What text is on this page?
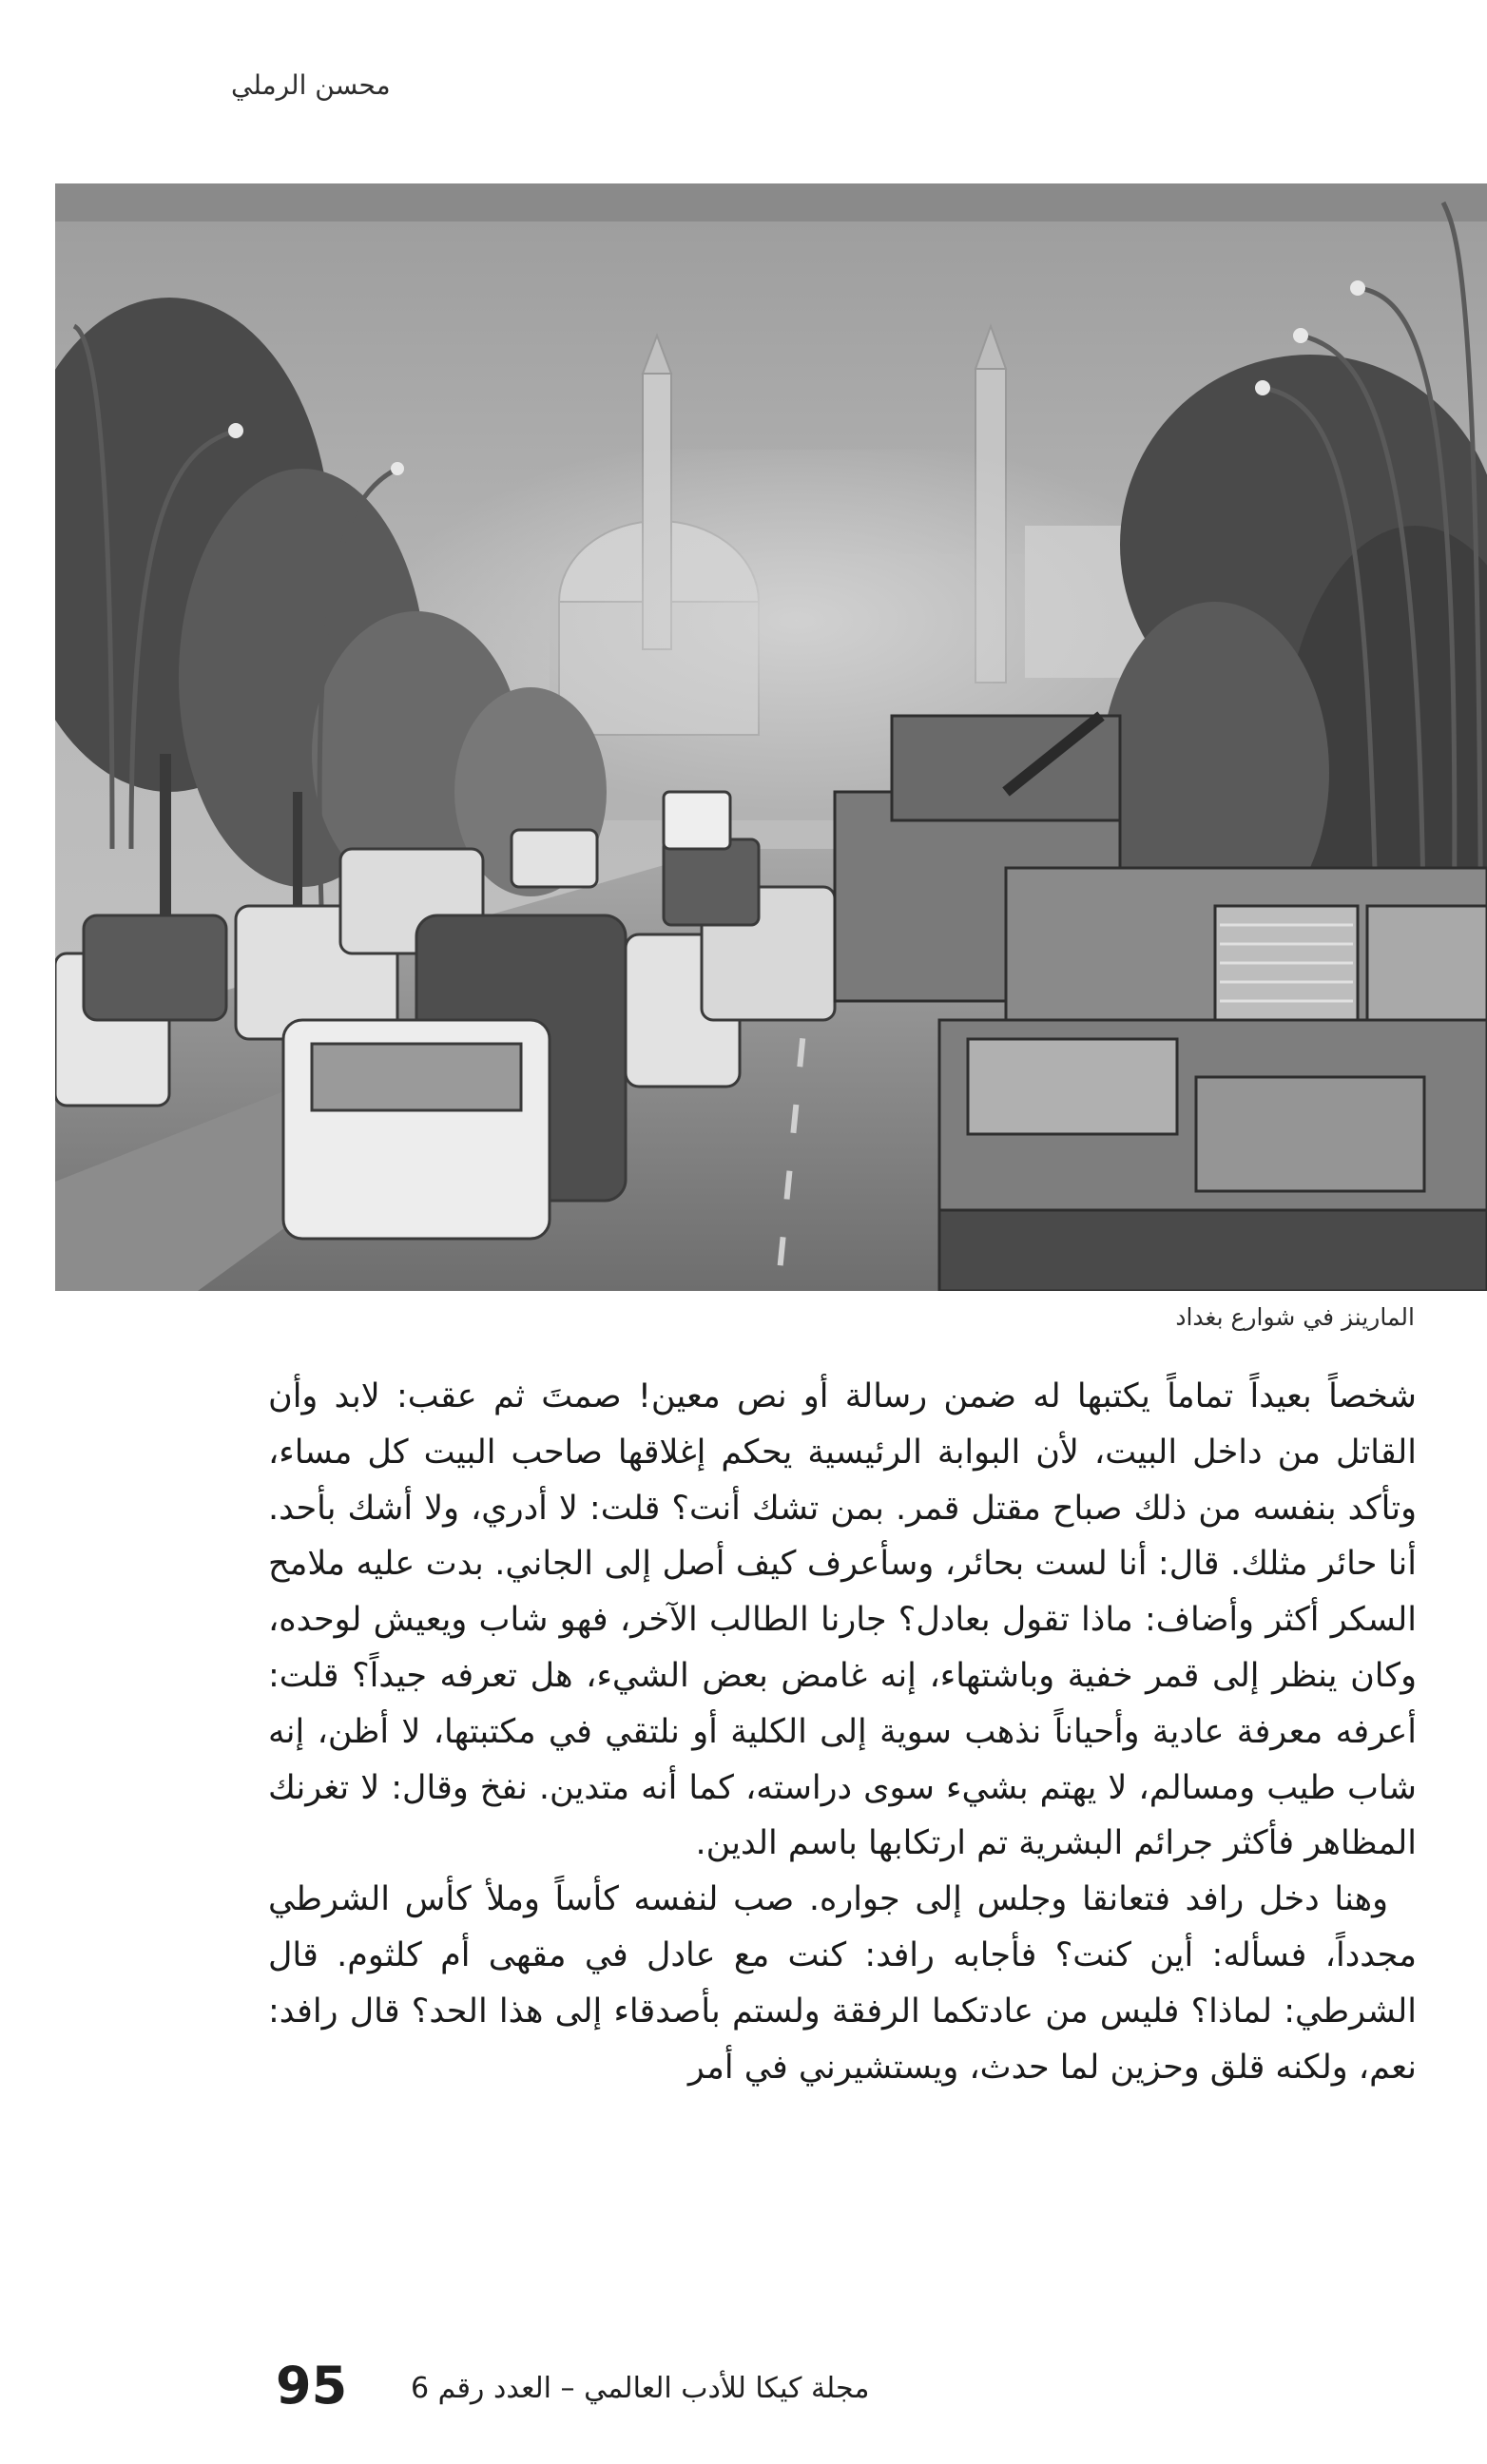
محسن الرملي
المارينز في شوارع بغداد

شخصاً بعيداً تماماً يكتبها له ضمن رسالة أو نص معين! صمتَ ثم عقب: لابد وأن القاتل من داخل البيت، لأن البوابة الرئيسية يحكم إغلاقها صاحب البيت كل مساء، وتأكد بنفسه من ذلك صباح مقتل قمر. بمن تشك أنت؟ قلت: لا أدري، ولا أشك بأحد. أنا حائر مثلك. قال: أنا لست بحائر، وسأعرف كيف أصل إلى الجاني. بدت عليه ملامح السكر أكثر وأضاف: ماذا تقول بعادل؟ جارنا الطالب الآخر، فهو شاب ويعيش لوحده، وكان ينظر إلى قمر خفية وباشتهاء، إنه غامض بعض الشيء، هل تعرفه جيداً؟ قلت: أعرفه معرفة عادية وأحياناً نذهب سوية إلى الكلية أو نلتقي في مكتبتها، لا أظن، إنه شاب طيب ومسالم، لا يهتم بشيء سوى دراسته، كما أنه متدين. نفخ وقال: لا تغرنك المظاهر فأكثر جرائم البشرية تم ارتكابها باسم الدين.

وهنا دخل رافد فتعانقا وجلس إلى جواره. صب لنفسه كأساً وملأ كأس الشرطي مجدداً، فسأله: أين كنت؟ فأجابه رافد: كنت مع عادل في مقهى أم كلثوم. قال الشرطي: لماذا؟ فليس من عادتكما الرفقة ولستم بأصدقاء إلى هذا الحد؟ قال رافد: نعم، ولكنه قلق وحزين لما حدث، ويستشيرني في أمر

95 مجلة كيكا للأدب العالمي – العدد رقم 6
